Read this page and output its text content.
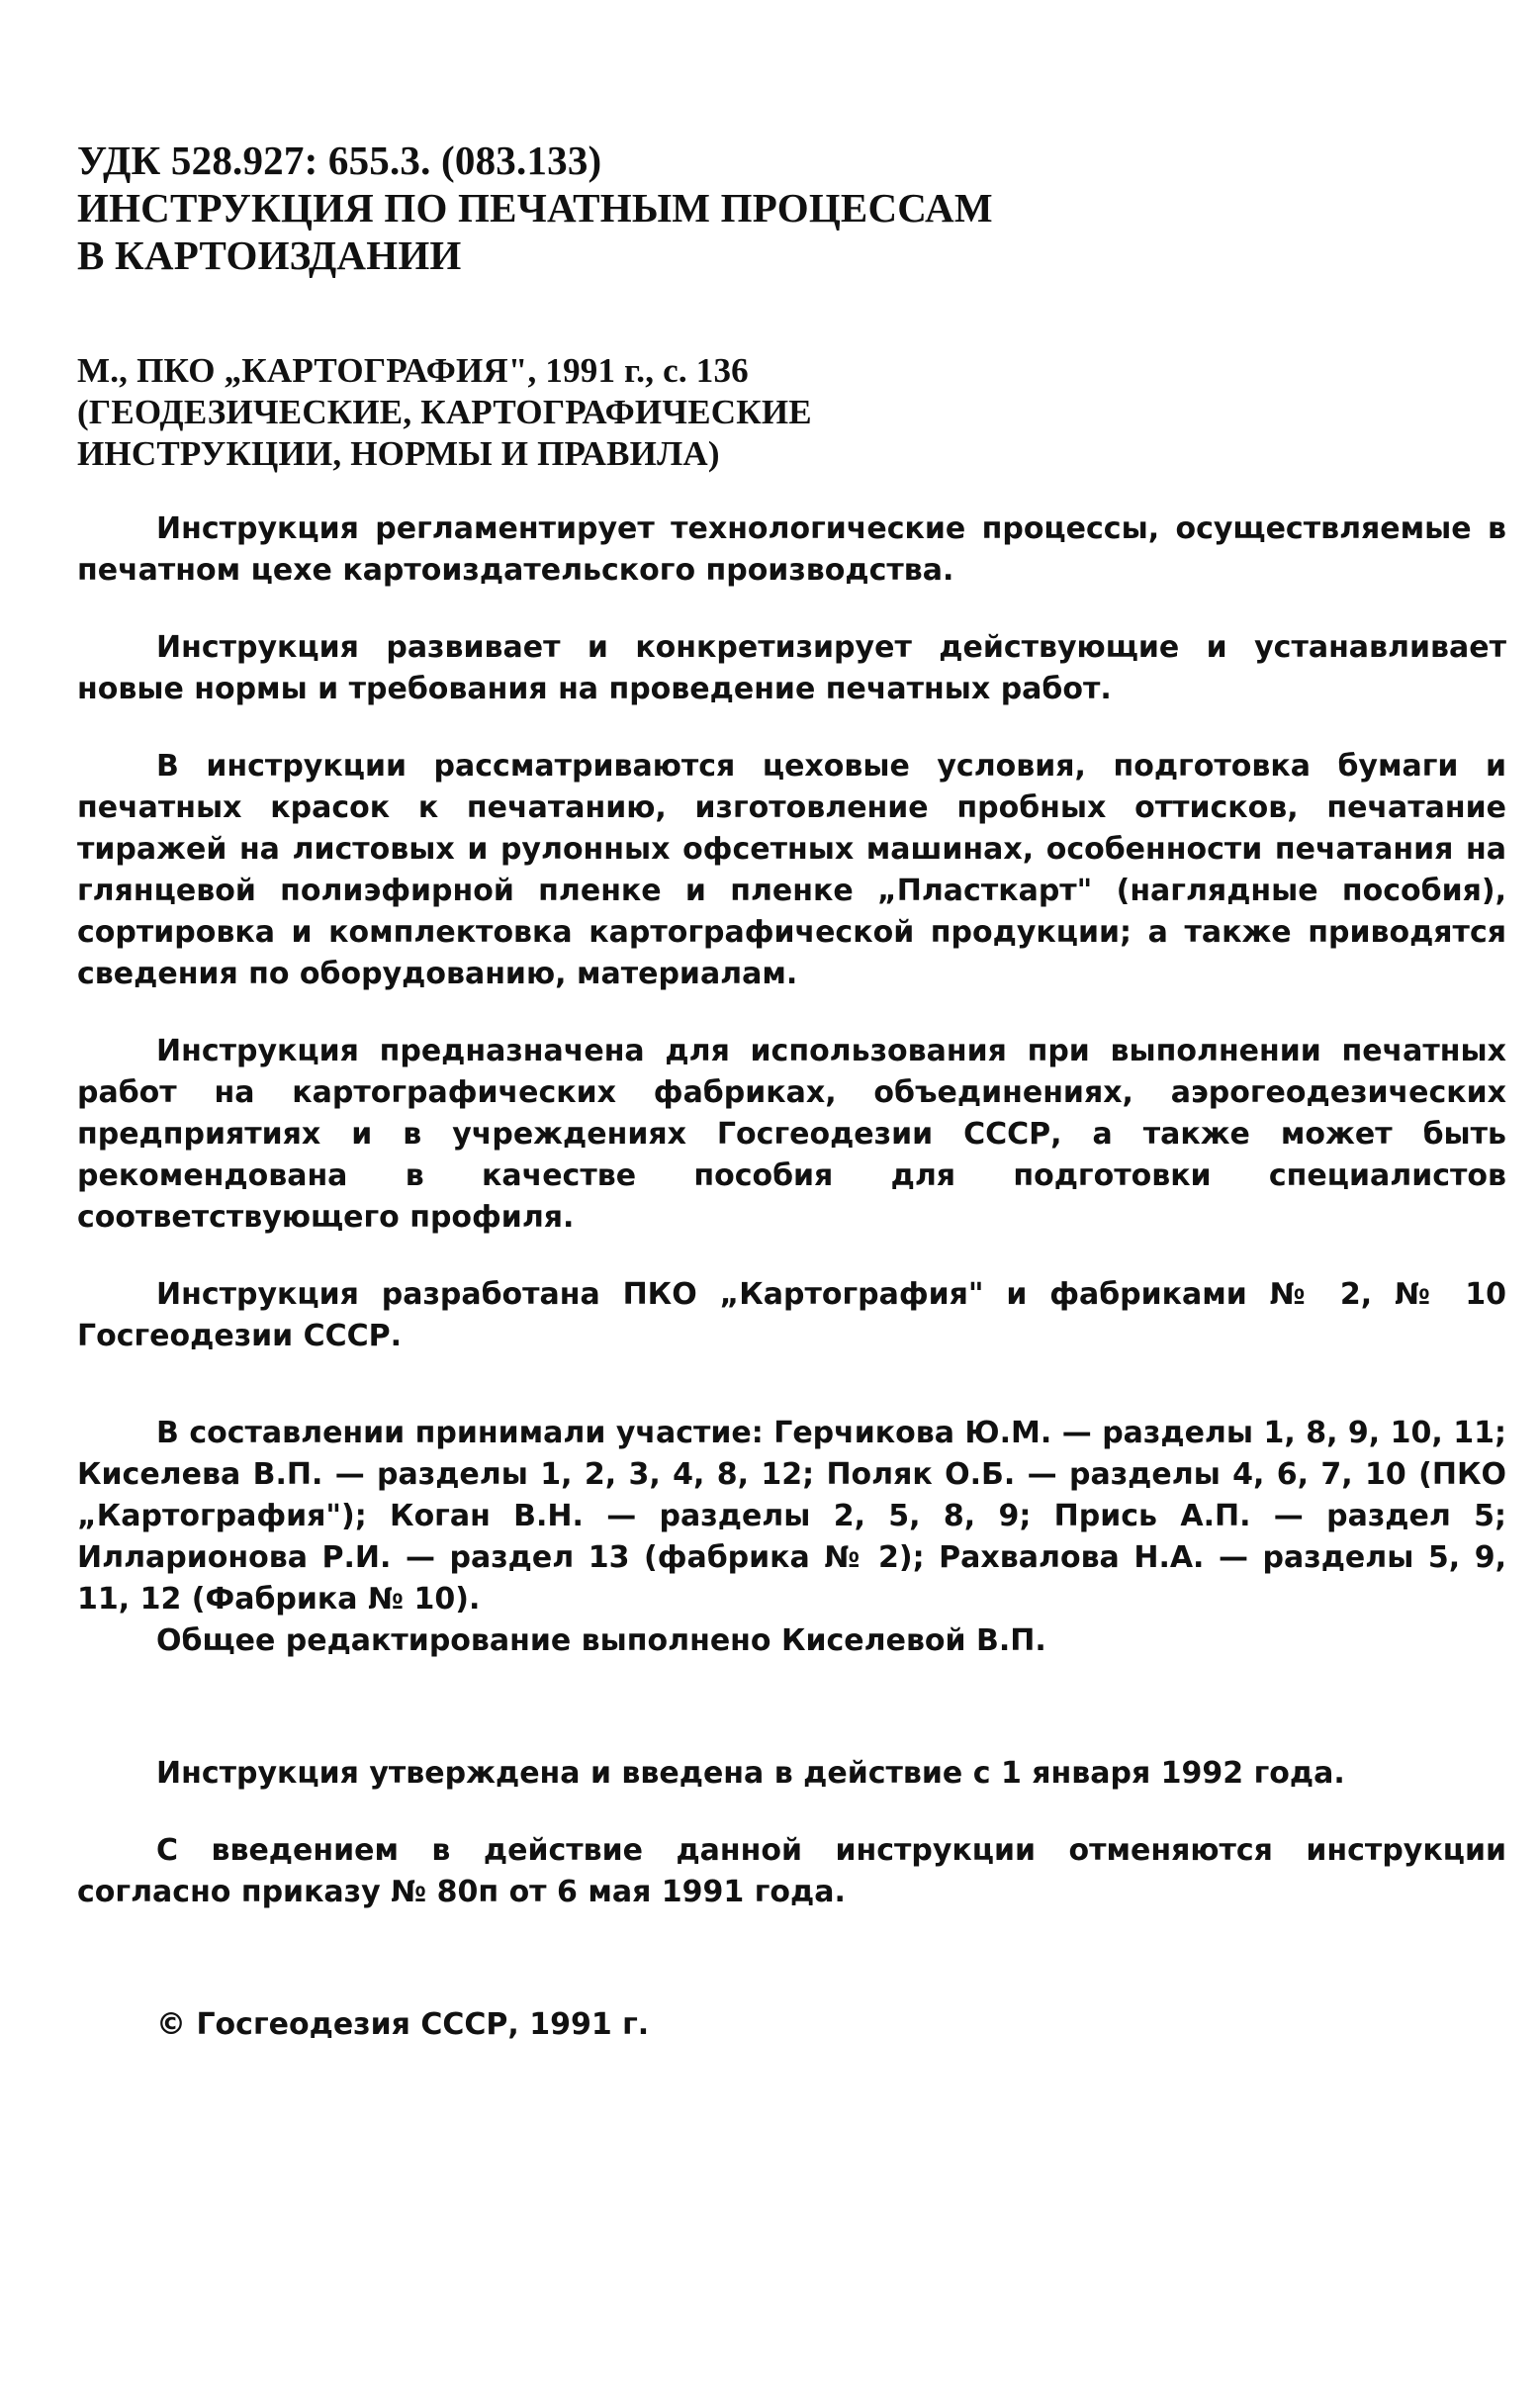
УДК 528.927: 655.3. (083.133)
ИНСТРУКЦИЯ ПО ПЕЧАТНЫМ ПРОЦЕССАМ
В КАРТОИЗДАНИИ
М., ПКО „КАРТОГРАФИЯ", 1991 г., с. 136
(ГЕОДЕЗИЧЕСКИЕ, КАРТОГРАФИЧЕСКИЕ
ИНСТРУКЦИИ, НОРМЫ И ПРАВИЛА)

Инструкция регламентирует технологические процессы, осуществляемые в печатном цехе картоиздательского производства.

Инструкция развивает и конкретизирует действующие и устанавливает новые нормы и требования на проведение печатных работ.

В инструкции рассматриваются цеховые условия, подготовка бумаги и печатных красок к печатанию, изготовление пробных оттисков, печатание тиражей на листовых и рулонных офсетных машинах, особенности печатания на глянцевой полиэфирной пленке и пленке „Пласткарт" (наглядные пособия), сортировка и комплектовка картографической продукции; а также приводятся сведения по оборудованию, материалам.

Инструкция предназначена для использования при выполнении печатных работ на картографических фабриках, объединениях, аэрогеодезических предприятиях и в учреждениях Госгеодезии СССР, а также может быть рекомендована в качестве пособия для подготовки специалистов соответствующего профиля.

Инструкция разработана ПКО „Картография" и фабриками № 2, № 10 Госгеодезии СССР.

В составлении принимали участие: Герчикова Ю.М. — разделы 1, 8, 9, 10, 11; Киселева В.П. — разделы 1, 2, 3, 4, 8, 12; Поляк О.Б. — разделы 4, 6, 7, 10 (ПКО „Картография"); Коган В.Н. — разделы 2, 5, 8, 9; Прись А.П. — раздел 5; Илларионова Р.И. — раздел 13 (фабрика № 2); Рахвалова Н.А. — разделы 5, 9, 11, 12 (Фабрика № 10).

Общее редактирование выполнено Киселевой В.П.

Инструкция утверждена и введена в действие с 1 января 1992 года.

С введением в действие данной инструкции отменяются инструкции согласно приказу № 80п от 6 мая 1991 года.

© Госгеодезия СССР, 1991 г.
